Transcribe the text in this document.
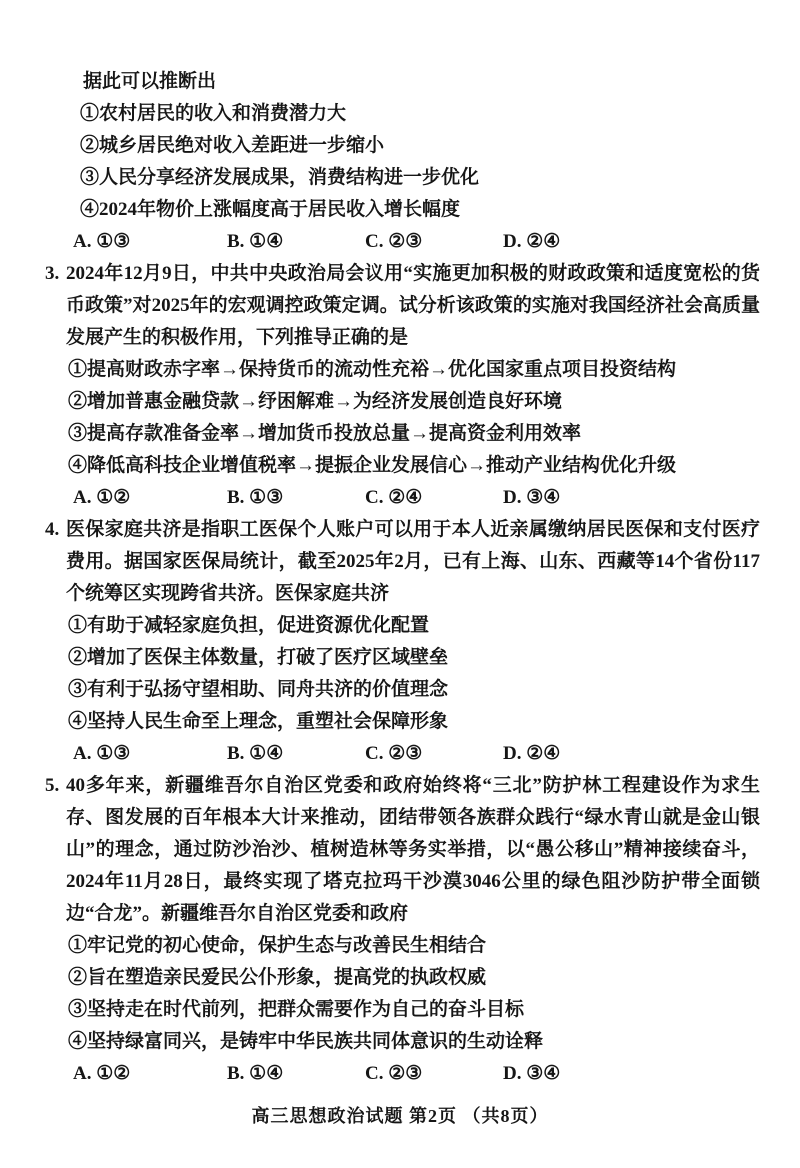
据此可以推断出
①农村居民的收入和消费潜力大
②城乡居民绝对收入差距进一步缩小
③人民分享经济发展成果，消费结构进一步优化
④2024年物价上涨幅度高于居民收入增长幅度
A. ①③	B. ①④	C. ②③	D. ②④

3. 2024年12月9日，中共中央政治局会议用“实施更加积极的财政政策和适度宽松的货币政策”对2025年的宏观调控政策定调。试分析该政策的实施对我国经济社会高质量发展产生的积极作用，下列推导正确的是

①提高财政赤字率→保持货币的流动性充裕→优化国家重点项目投资结构
②增加普惠金融贷款→纾困解难→为经济发展创造良好环境
③提高存款准备金率→增加货币投放总量→提高资金利用效率
④降低高科技企业增值税率→提振企业发展信心→推动产业结构优化升级
A. ①②	B. ①③	C. ②④	D. ③④

4. 医保家庭共济是指职工医保个人账户可以用于本人近亲属缴纳居民医保和支付医疗费用。据国家医保局统计，截至2025年2月，已有上海、山东、西藏等14个省份117个统筹区实现跨省共济。医保家庭共济

①有助于减轻家庭负担，促进资源优化配置
②增加了医保主体数量，打破了医疗区域壁垒
③有利于弘扬守望相助、同舟共济的价值理念
④坚持人民生命至上理念，重塑社会保障形象
A. ①③	B. ①④	C. ②③	D. ②④

5. 40多年来，新疆维吾尔自治区党委和政府始终将“三北”防护林工程建设作为求生存、图发展的百年根本大计来推动，团结带领各族群众践行“绿水青山就是金山银山”的理念，通过防沙治沙、植树造林等务实举措，以“愚公移山”精神接续奋斗，2024年11月28日，最终实现了塔克拉玛干沙漠3046公里的绿色阻沙防护带全面锁边“合龙”。新疆维吾尔自治区党委和政府

①牢记党的初心使命，保护生态与改善民生相结合
②旨在塑造亲民爱民公仆形象，提高党的执政权威
③坚持走在时代前列，把群众需要作为自己的奋斗目标
④坚持绿富同兴，是铸牢中华民族共同体意识的生动诠释
A. ①②	B. ①④	C. ②③	D. ③④
高三思想政治试题 第2页 （共8页）
